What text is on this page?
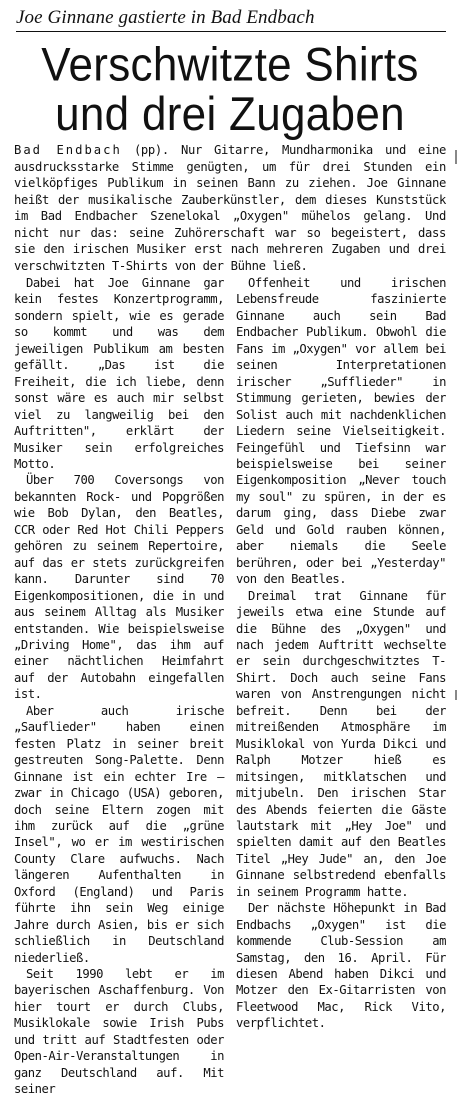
Joe Ginnane gastierte in Bad Endbach
Verschwitzte Shirts
und drei Zugaben
Bad Endbach (pp). Nur Gitarre, Mundharmonika und eine ausdrucksstarke Stimme genügten, um für drei Stunden ein vielköpfiges Publikum in seinen Bann zu ziehen. Joe Ginnane heißt der musikalische Zauberkünstler, dem dieses Kunststück im Bad Endbacher Szenelokal „Oxygen" mühelos gelang. Und nicht nur das: seine Zuhörerschaft war so begeistert, dass sie den irischen Musiker erst nach mehreren Zugaben und drei verschwitzten T-Shirts von der Bühne ließ.

Dabei hat Joe Ginnane gar kein festes Konzertprogramm, sondern spielt, wie es gerade so kommt und was dem jeweiligen Publikum am besten gefällt. „Das ist die Freiheit, die ich liebe, denn sonst wäre es auch mir selbst viel zu langweilig bei den Auftritten", erklärt der Musiker sein erfolgreiches Motto.

Über 700 Coversongs von bekannten Rock- und Popgrößen wie Bob Dylan, den Beatles, CCR oder Red Hot Chili Peppers gehören zu seinem Repertoire, auf das er stets zurückgreifen kann. Darunter sind 70 Eigenkompositionen, die in und aus seinem Alltag als Musiker entstanden. Wie beispielsweise „Driving Home", das ihm auf einer nächtlichen Heimfahrt auf der Autobahn eingefallen ist.

Aber auch irische „Sauflieder" haben einen festen Platz in seiner breit gestreuten Song-Palette. Denn Ginnane ist ein echter Ire – zwar in Chicago (USA) geboren, doch seine Eltern zogen mit ihm zurück auf die „grüne Insel", wo er im westirischen County Clare aufwuchs. Nach längeren Aufenthalten in Oxford (England) und Paris führte ihn sein Weg einige Jahre durch Asien, bis er sich schließlich in Deutschland niederließ.

Seit 1990 lebt er im bayerischen Aschaffenburg. Von hier tourt er durch Clubs, Musiklokale sowie Irish Pubs und tritt auf Stadtfesten oder Open-Air-Veranstaltungen in ganz Deutschland auf. Mit seiner

Offenheit und irischen Lebensfreude faszinierte Ginnane auch sein Bad Endbacher Publikum. Obwohl die Fans im „Oxygen" vor allem bei seinen Interpretationen irischer „Sufflieder" in Stimmung gerieten, bewies der Solist auch mit nachdenklichen Liedern seine Vielseitigkeit. Feingefühl und Tiefsinn war beispielsweise bei seiner Eigenkomposition „Never touch my soul" zu spüren, in der es darum ging, dass Diebe zwar Geld und Gold rauben können, aber niemals die Seele berühren, oder bei „Yesterday" von den Beatles.

Dreimal trat Ginnane für jeweils etwa eine Stunde auf die Bühne des „Oxygen" und nach jedem Auftritt wechselte er sein durchgeschwitztes T-Shirt. Doch auch seine Fans waren von Anstrengungen nicht befreit. Denn bei der mitreißenden Atmosphäre im Musiklokal von Yurda Dikci und Ralph Motzer hieß es mitsingen, mitklatschen und mitjubeln. Den irischen Star des Abends feierten die Gäste lautstark mit „Hey Joe" und spielten damit auf den Beatles Titel „Hey Jude" an, den Joe Ginnane selbstredend ebenfalls in seinem Programm hatte.

Der nächste Höhepunkt in Bad Endbachs „Oxygen" ist die kommende Club-Session am Samstag, den 16. April. Für diesen Abend haben Dikci und Motzer den Ex-Gitarristen von Fleetwood Mac, Rick Vito, verpflichtet.
